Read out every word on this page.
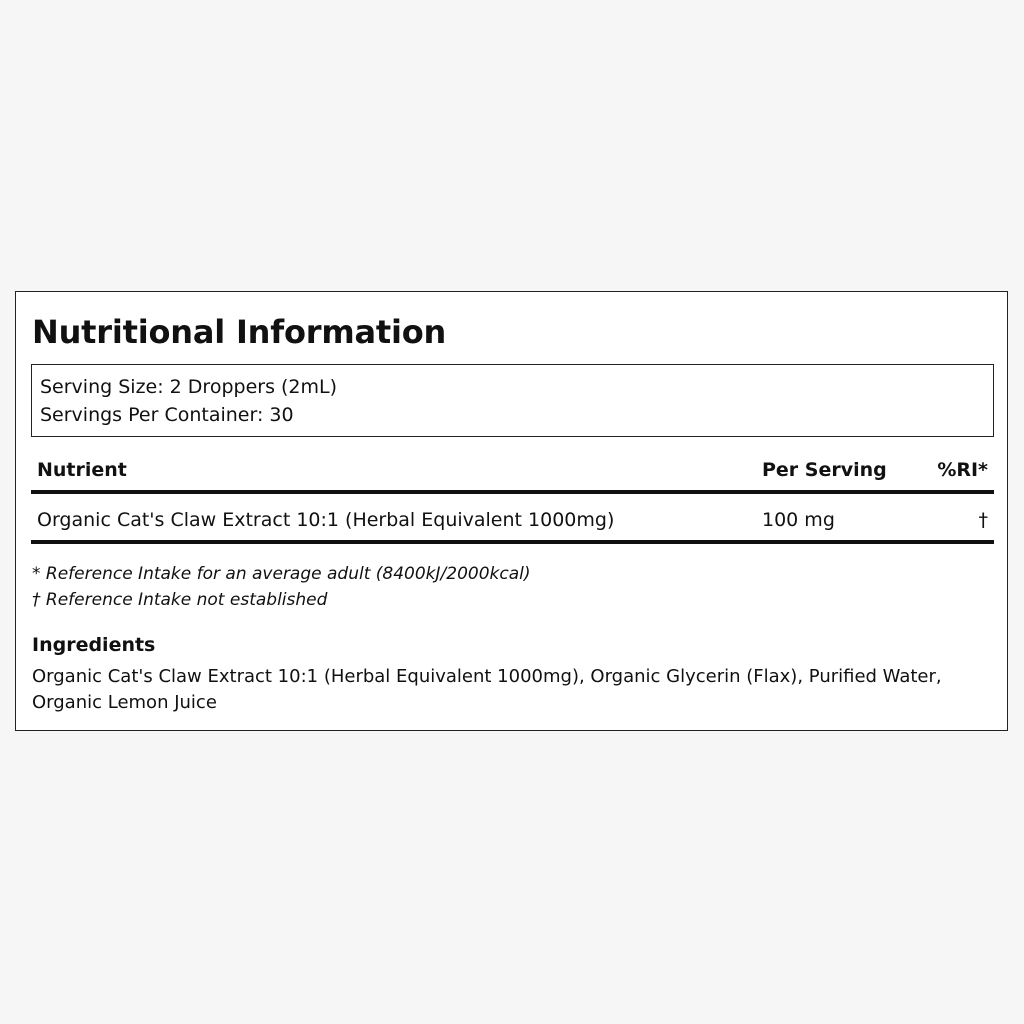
Nutritional Information
Serving Size: 2 Droppers (2mL)
Servings Per Container: 30
Nutrient	Per Serving	%RI*
Organic Cat's Claw Extract 10:1 (Herbal Equivalent 1000mg)	100 mg	†
* Reference Intake for an average adult (8400kJ/2000kcal)
† Reference Intake not established
Ingredients

Organic Cat's Claw Extract 10:1 (Herbal Equivalent 1000mg), Organic Glycerin (Flax), Purified Water, Organic Lemon Juice
